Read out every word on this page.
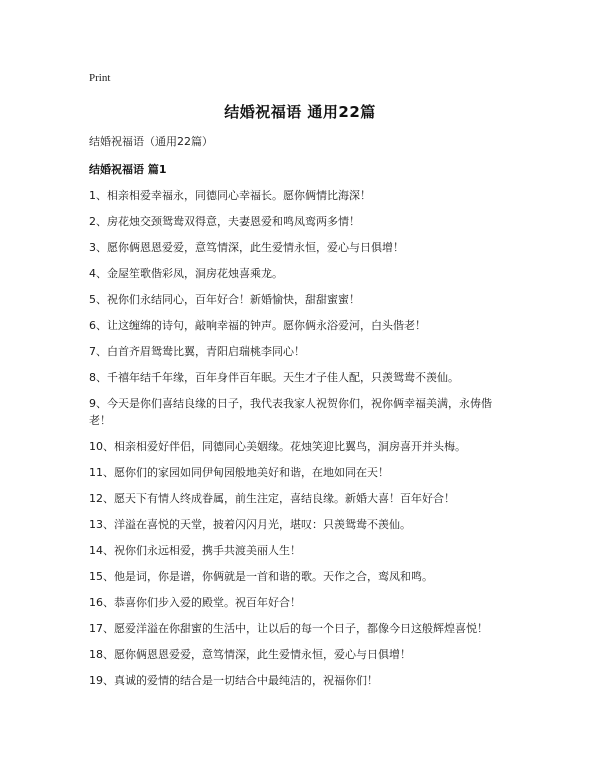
Print
结婚祝福语 通用22篇
结婚祝福语（通用22篇）
结婚祝福语 篇1
1、相亲相爱幸福永，同德同心幸福长。愿你俩情比海深！
2、房花烛交颈鸳鸯双得意，夫妻恩爱和鸣凤鸾两多情！
3、愿你俩恩恩爱爱，意笃情深，此生爱情永恒，爱心与日俱增！
4、金屋笙歌偕彩凤，洞房花烛喜乘龙。
5、祝你们永结同心，百年好合！新婚愉快，甜甜蜜蜜！
6、让这缠绵的诗句，敲响幸福的钟声。愿你俩永浴爱河，白头偕老！
7、白首齐眉鸳鸯比翼，青阳启瑞桃李同心！
8、千禧年结千年缘，百年身伴百年眠。天生才子佳人配，只羡鸳鸯不羡仙。
9、今天是你们喜结良缘的日子，我代表我家人祝贺你们，祝你俩幸福美满，永俦偕老！
10、相亲相爱好伴侣，同德同心美姻缘。花烛笑迎比翼鸟，洞房喜开并头梅。
11、愿你们的家园如同伊甸园般地美好和谐，在地如同在天！
12、愿天下有情人终成眷属，前生注定，喜结良缘。新婚大喜！百年好合！
13、洋溢在喜悦的天堂，披着闪闪月光，堪叹：只羡鸳鸯不羡仙。
14、祝你们永远相爱，携手共渡美丽人生！
15、他是词，你是谱，你俩就是一首和谐的歌。天作之合，鸾凤和鸣。
16、恭喜你们步入爱的殿堂。祝百年好合！
17、愿爱洋溢在你甜蜜的生活中，让以后的每一个日子，都像今日这般辉煌喜悦！
18、愿你俩恩恩爱爱，意笃情深，此生爱情永恒，爱心与日俱增！
19、真诚的爱情的结合是一切结合中最纯洁的，祝福你们！
